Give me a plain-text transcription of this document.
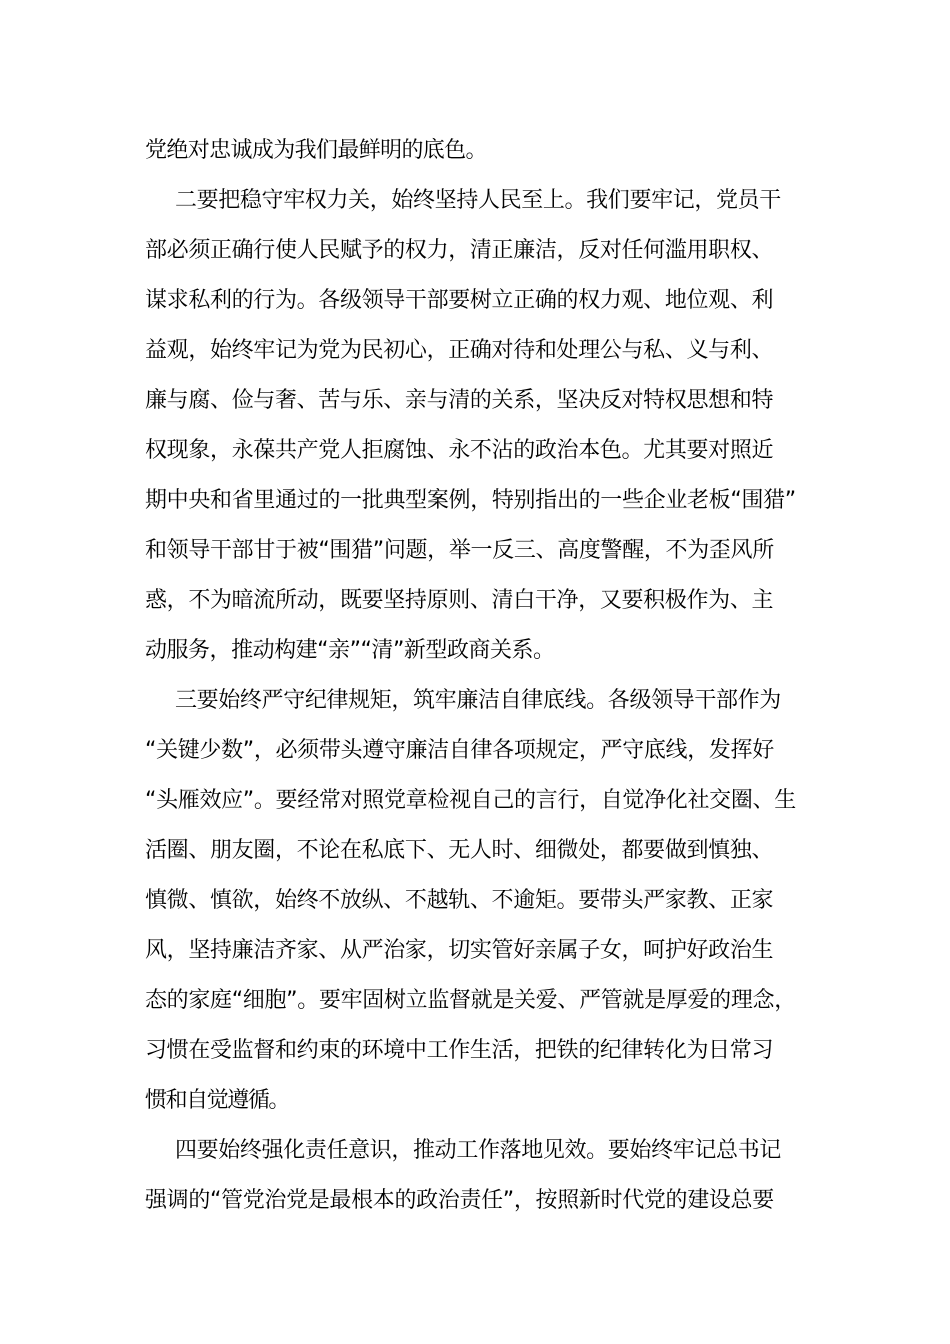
党绝对忠诚成为我们最鲜明的底色。
二要把稳守牢权力关，始终坚持人民至上。我们要牢记，党员干
部必须正确行使人民赋予的权力，清正廉洁，反对任何滥用职权、
谋求私利的行为。各级领导干部要树立正确的权力观、地位观、利
益观，始终牢记为党为民初心，正确对待和处理公与私、义与利、
廉与腐、俭与奢、苦与乐、亲与清的关系，坚决反对特权思想和特
权现象，永葆共产党人拒腐蚀、永不沾的政治本色。尤其要对照近
期中央和省里通过的一批典型案例，特别指出的一些企业老板“围猎”
和领导干部甘于被“围猎”问题，举一反三、高度警醒，不为歪风所
惑，不为暗流所动，既要坚持原则、清白干净，又要积极作为、主
动服务，推动构建“亲”“清”新型政商关系。
三要始终严守纪律规矩，筑牢廉洁自律底线。各级领导干部作为
“关键少数”，必须带头遵守廉洁自律各项规定，严守底线，发挥好
“头雁效应”。要经常对照党章检视自己的言行，自觉净化社交圈、生
活圈、朋友圈，不论在私底下、无人时、细微处，都要做到慎独、
慎微、慎欲，始终不放纵、不越轨、不逾矩。要带头严家教、正家
风，坚持廉洁齐家、从严治家，切实管好亲属子女，呵护好政治生
态的家庭“细胞”。要牢固树立监督就是关爱、严管就是厚爱的理念，
习惯在受监督和约束的环境中工作生活，把铁的纪律转化为日常习
惯和自觉遵循。
四要始终强化责任意识，推动工作落地见效。要始终牢记总书记
强调的“管党治党是最根本的政治责任”，按照新时代党的建设总要
